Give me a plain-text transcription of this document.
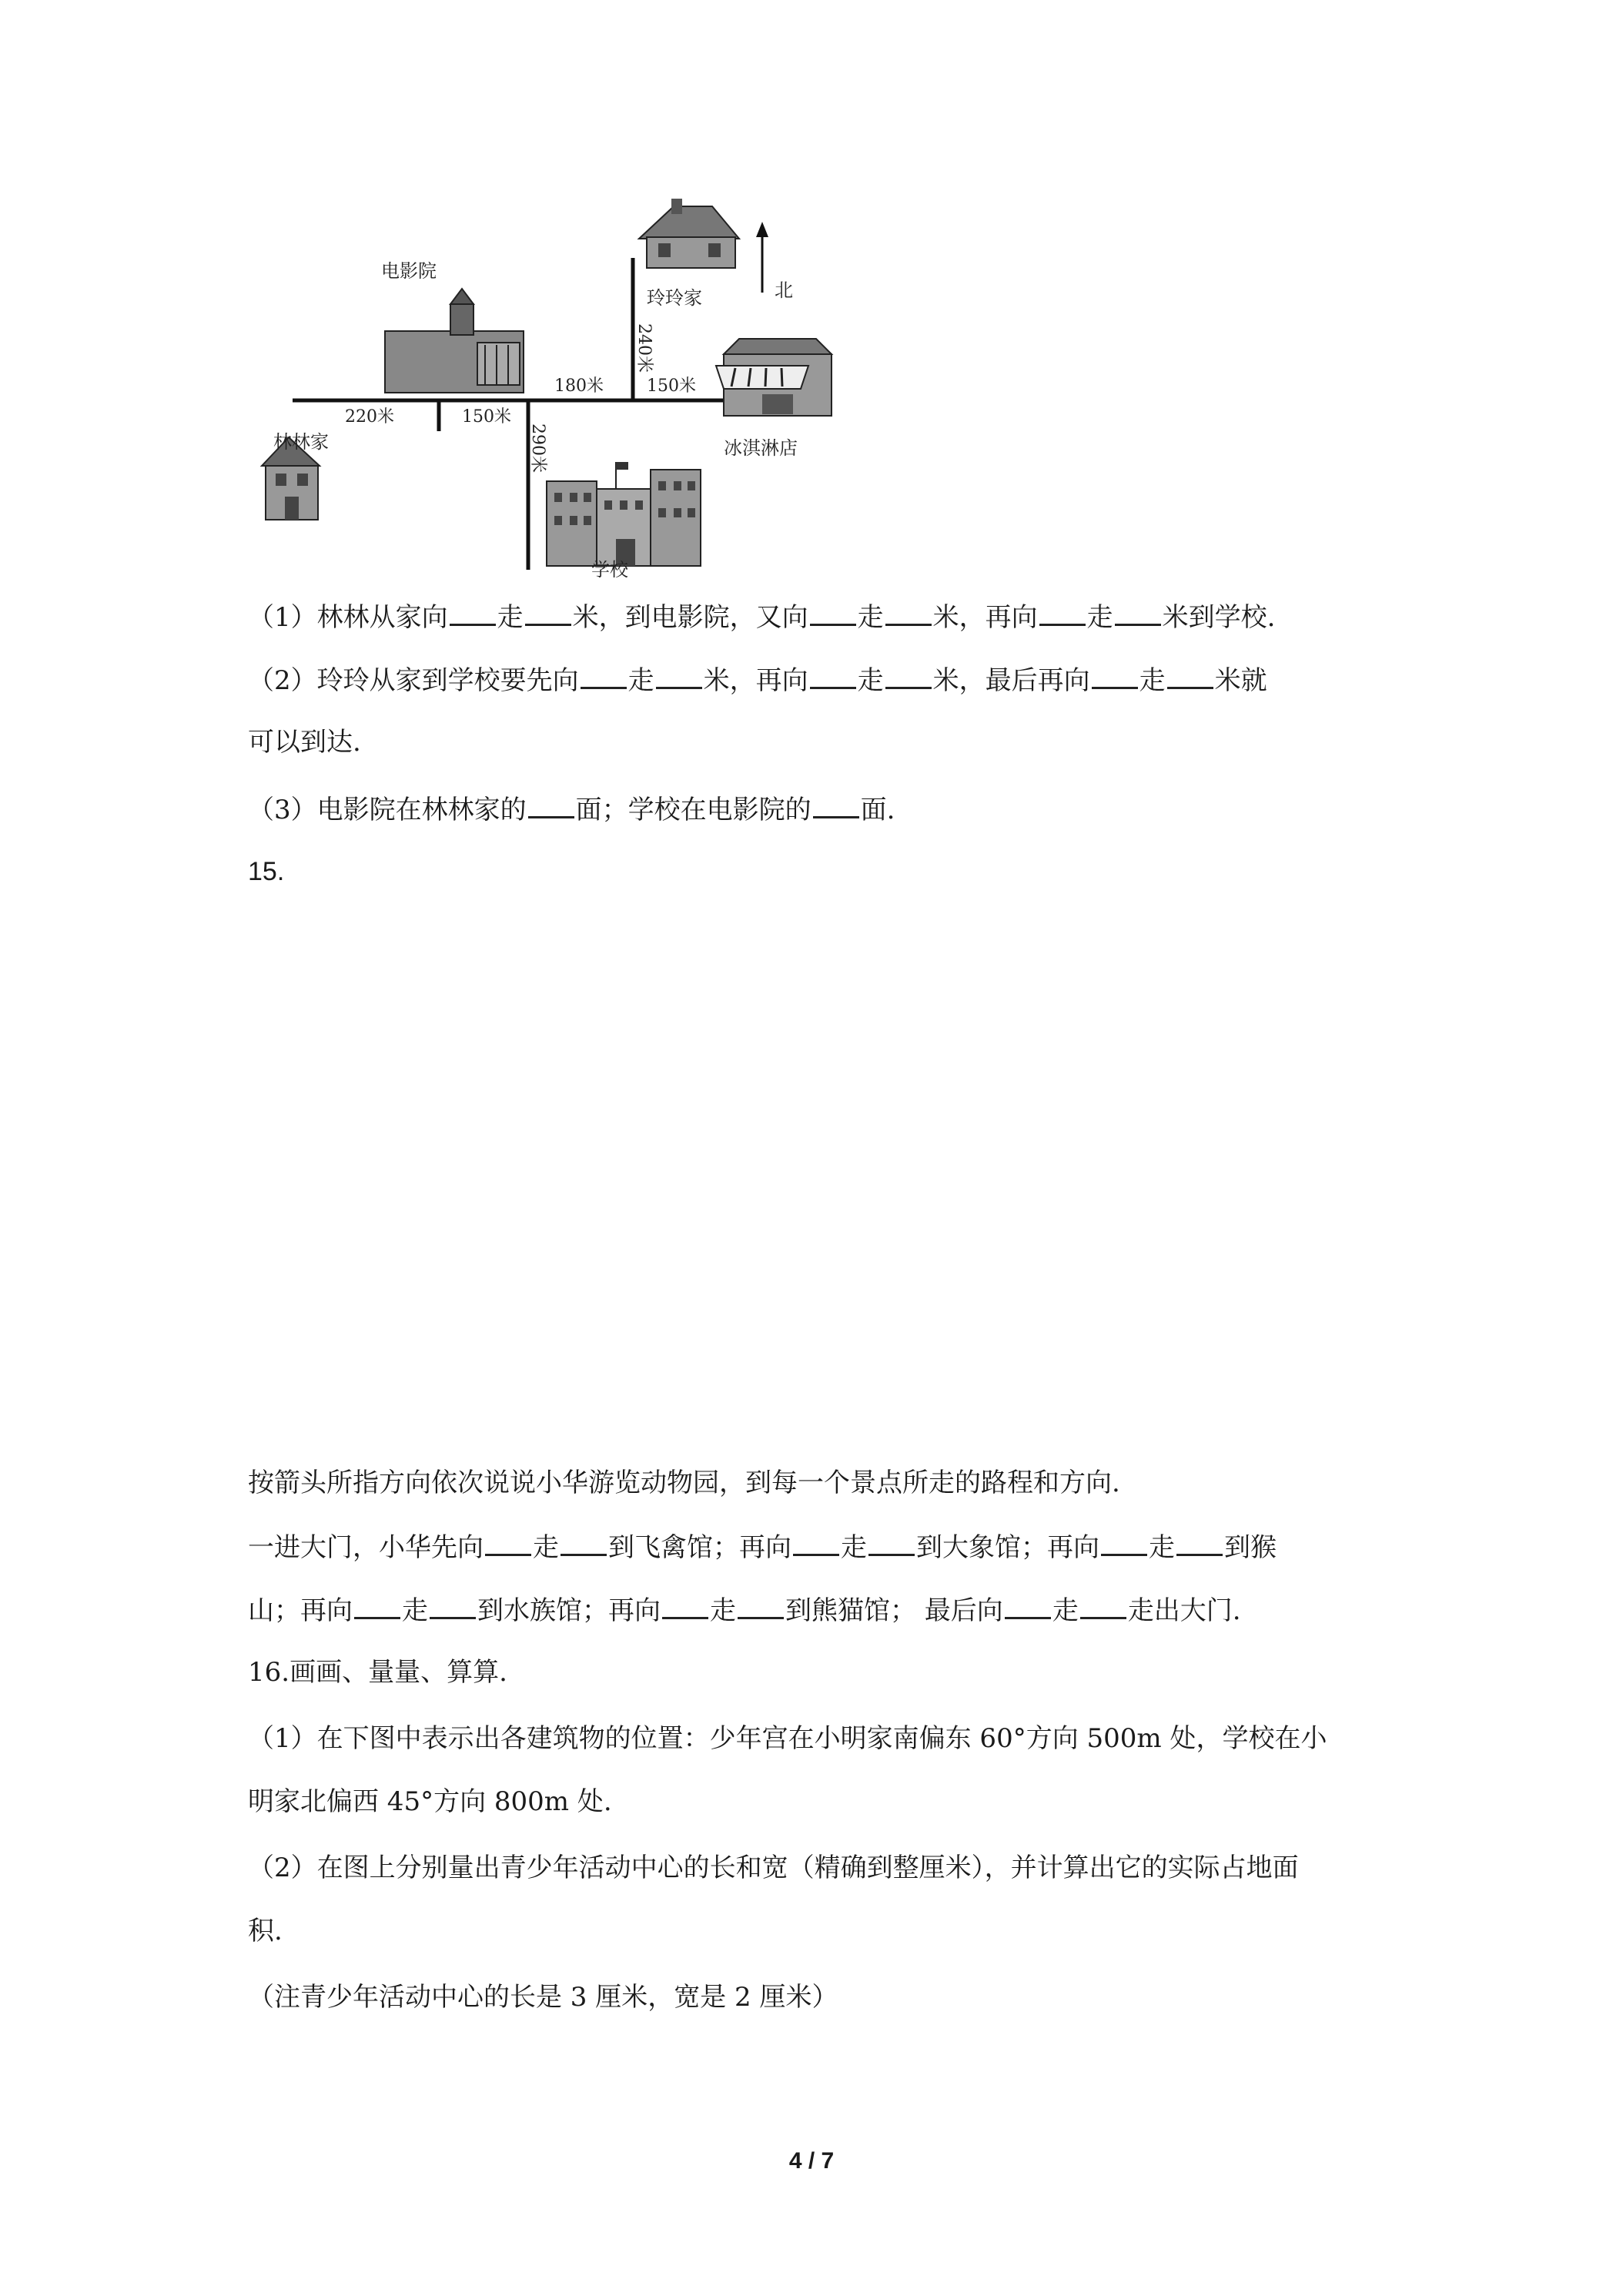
北
电影院
玲玲家
冰淇淋店
林林家
学校
220米	150米
180米	150米
240米
290米
（1）林林从家向 走 米，到电影院，又向 走 米，再向 走 米到学校.
（2）玲玲从家到学校要先向 走 米，再向 走 米，最后再向 走 米就
可以到达.
（3）电影院在林林家的 面；学校在电影院的 面.
15.
按箭头所指方向依次说说小华游览动物园，到每一个景点所走的路程和方向.
一进大门，小华先向 走 到飞禽馆；再向 走 到大象馆；再向 走 到猴
山；再向 走 到水族馆；再向 走 到熊猫馆； 最后向 走 走出大门.
16.画画、量量、算算.
（1）在下图中表示出各建筑物的位置：少年宫在小明家南偏东 60°方向 500m 处，学校在小
明家北偏西 45°方向 800m 处.
（2）在图上分别量出青少年活动中心的长和宽（精确到整厘米），并计算出它的实际占地面
积.
（注青少年活动中心的长是 3 厘米，宽是 2 厘米）
4 / 7
